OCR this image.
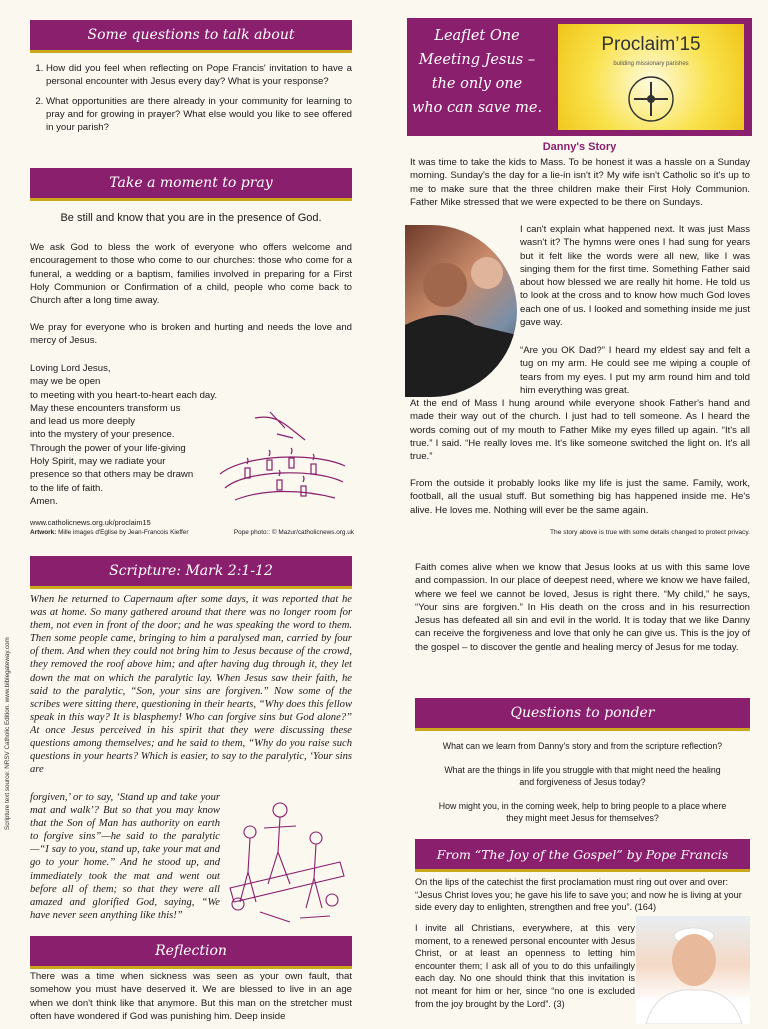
Some questions to talk about
1. How did you feel when reflecting on Pope Francis' invitation to have a personal encounter with Jesus every day? What is your response?
2. What opportunities are there already in your community for learning to pray and for growing in prayer? What else would you like to see offered in your parish?
Take a moment to pray
Be still and know that you are in the presence of God.
We ask God to bless the work of everyone who offers welcome and encouragement to those who come to our churches: those who come for a funeral, a wedding or a baptism, families involved in preparing for a First Holy Communion or Confirmation of a child, people who come back to Church after a long time away.
We pray for everyone who is broken and hurting and needs the love and mercy of Jesus.

Loving Lord Jesus,

may we be open

to meeting with you heart-to-heart each day.

May these encounters transform us

and lead us more deeply

into the mystery of your presence.

Through the power of your life-giving

Holy Spirit, may we radiate your

presence so that others may be drawn

to the life of faith.

Amen.

www.catholicnews.org.uk/proclaim15
Artwork: Mille images d'Eglise by Jean-Francois Kieffer	Pope photo:: © Mazur/catholicnews.org.uk
Scripture: Mark 2:1-12
When he returned to Capernaum after some days, it was reported that he was at home. So many gathered around that there was no longer room for them, not even in front of the door; and he was speaking the word to them. Then some people came, bringing to him a paralysed man, carried by four of them. And when they could not bring him to Jesus because of the crowd, they removed the roof above him; and after having dug through it, they let down the mat on which the paralytic lay. When Jesus saw their faith, he said to the paralytic, “Son, your sins are forgiven.” Now some of the scribes were sitting there, questioning in their hearts, “Why does this fellow speak in this way? It is blasphemy! Who can forgive sins but God alone?” At once Jesus perceived in his spirit that they were discussing these questions among themselves; and he said to them, “Why do you raise such questions in your hearts? Which is easier, to say to the paralytic, ‘Your sins are
forgiven,’ or to say, ‘Stand up and take your mat and walk’? But so that you may know that the Son of Man has authority on earth to forgive sins”—he said to the paralytic—“I say to you, stand up, take your mat and go to your home.” And he stood up, and immediately took the mat and went out before all of them; so that they were all amazed and glorified God, saying, “We have never seen anything like this!”
Reflection
There was a time when sickness was seen as your own fault, that somehow you must have deserved it. We are blessed to live in an age when we don't think like that anymore. But this man on the stretcher must often have wondered if God was punishing him. Deep inside
Scripture text source: NRSV Catholic Edition. www.biblegateway.com
Leaflet One
Meeting Jesus –
the only one
who can save me.
Proclaim’15
building missionary parishes
Danny's Story
It was time to take the kids to Mass. To be honest it was a hassle on a Sunday morning. Sunday's the day for a lie-in isn't it? My wife isn't Catholic so it's up to me to make sure that the three children make their First Holy Communion. Father Mike stressed that we were expected to be there on Sundays.
I can't explain what happened next. It was just Mass wasn't it? The hymns were ones I had sung for years but it felt like the words were all new, like I was singing them for the first time. Something Father said about how blessed we are really hit home. He told us to look at the cross and to know how much God loves each one of us. I looked and something inside me just gave way.
“Are you OK Dad?” I heard my eldest say and felt a tug on my arm. He could see me wiping a couple of tears from my eyes. I put my arm round him and told him everything was great.
At the end of Mass I hung around while everyone shook Father's hand and made their way out of the church. I just had to tell someone. As I heard the words coming out of my mouth to Father Mike my eyes filled up again. “It's all true.” I said. “He really loves me. It's like someone switched the light on. It's all true.”
From the outside it probably looks like my life is just the same. Family, work, football, all the usual stuff. But something big has happened inside me. He's alive. He loves me. Nothing will ever be the same again.
The story above is true with some details changed to protect privacy.
Faith comes alive when we know that Jesus looks at us with this same love and compassion. In our place of deepest need, where we know we have failed, where we feel we cannot be loved, Jesus is right there. “My child,” he says, “Your sins are forgiven.” In His death on the cross and in his resurrection Jesus has defeated all sin and evil in the world. It is today that we like Danny can receive the forgiveness and love that only he can give us. This is the joy of the gospel – to discover the gentle and healing mercy of Jesus for me today.
Questions to ponder
What can we learn from Danny's story and from the scripture reflection?
What are the things in life you struggle with that might need the healing and forgiveness of Jesus today?
How might you, in the coming week, help to bring people to a place where they might meet Jesus for themselves?
From “The Joy of the Gospel” by Pope Francis
On the lips of the catechist the first proclamation must ring out over and over: “Jesus Christ loves you; he gave his life to save you; and now he is living at your side every day to enlighten, strengthen and free you”. (164)
I invite all Christians, everywhere, at this very moment, to a renewed personal encounter with Jesus Christ, or at least an openness to letting him encounter them; I ask all of you to do this unfailingly each day. No one should think that this invitation is not meant for him or her, since “no one is excluded from the joy brought by the Lord”. (3)
